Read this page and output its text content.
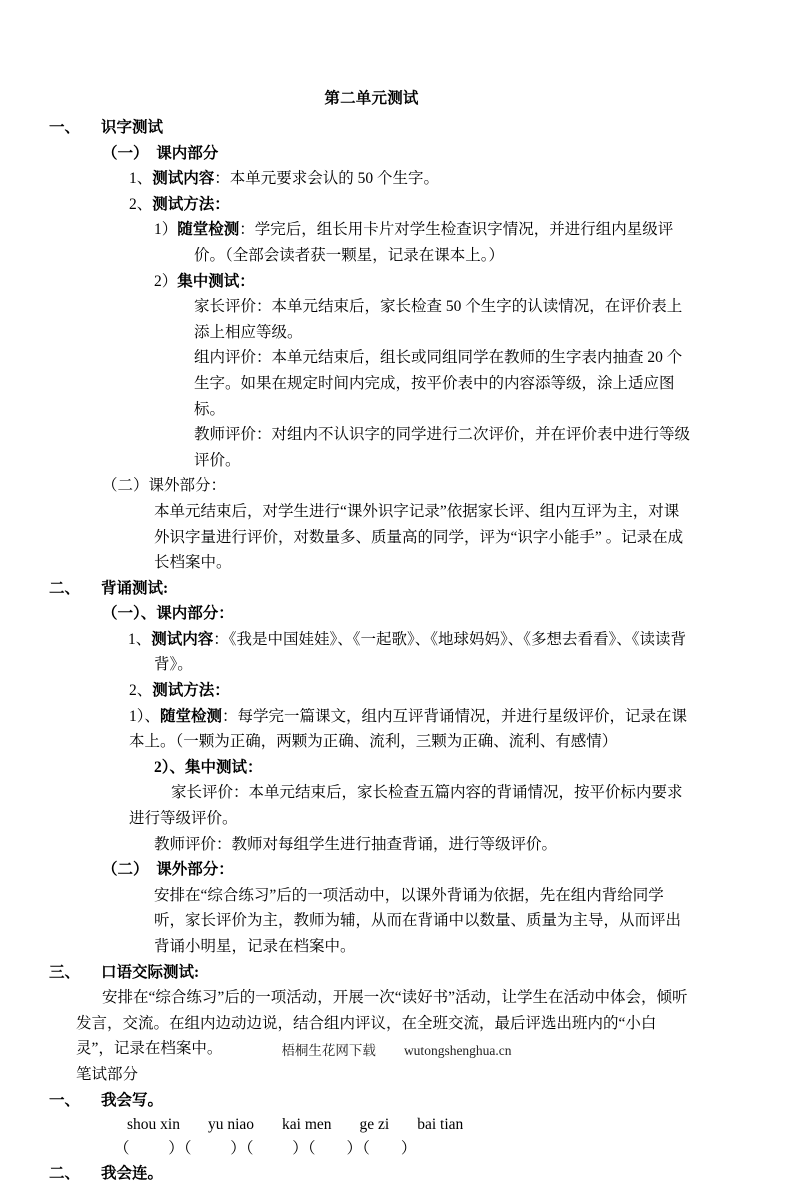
第二单元测试
一、 识字测试
（一） 课内部分
1、测试内容：本单元要求会认的 50 个生字。
2、测试方法：
1）随堂检测：学完后，组长用卡片对学生检查识字情况，并进行组内星级评价。（全部会读者获一颗星，记录在课本上。）
2）集中测试：
家长评价：本单元结束后，家长检查 50 个生字的认读情况，在评价表上添上相应等级。
组内评价：本单元结束后，组长或同组同学在教师的生字表内抽查 20 个生字。如果在规定时间内完成，按平价表中的内容添等级，涂上适应图标。
教师评价：对组内不认识字的同学进行二次评价，并在评价表中进行等级评价。
（二）课外部分：
本单元结束后，对学生进行“课外识字记录”依据家长评、组内互评为主，对课外识字量进行评价，对数量多、质量高的同学，评为“识字小能手” 。记录在成长档案中。
二、 背诵测试:
（一）、课内部分：
1、测试内容：《我是中国娃娃》、《一起歌》、《地球妈妈》、《多想去看看》、《读读背背》。
2、测试方法：
1）、随堂检测：每学完一篇课文，组内互评背诵情况，并进行星级评价，记录在课本上。（一颗为正确，两颗为正确、流利，三颗为正确、流利、有感情）
2）、集中测试：
家长评价：本单元结束后，家长检查五篇内容的背诵情况，按平价标内要求进行等级评价。
教师评价：教师对每组学生进行抽查背诵，进行等级评价。
（二） 课外部分：
安排在“综合练习”后的一项活动中，以课外背诵为依据，先在组内背给同学听，家长评价为主，教师为辅，从而在背诵中以数量、质量为主导，从而评出背诵小明星，记录在档案中。
三、 口语交际测试:
安排在“综合练习”后的一项活动，开展一次“读好书”活动，让学生在活动中体会，倾听发言，交流。在组内边动边说，结合组内评议，在全班交流，最后评选出班内的“小白灵”，记录在档案中。
笔试部分
一、 我会写。
shou xin yu niao kai men ge zi bai tian
（          ）（          ）（          ）（        ）（        ）
二、 我会连。
梧桐生花网下载 wutongshenghua.cn
